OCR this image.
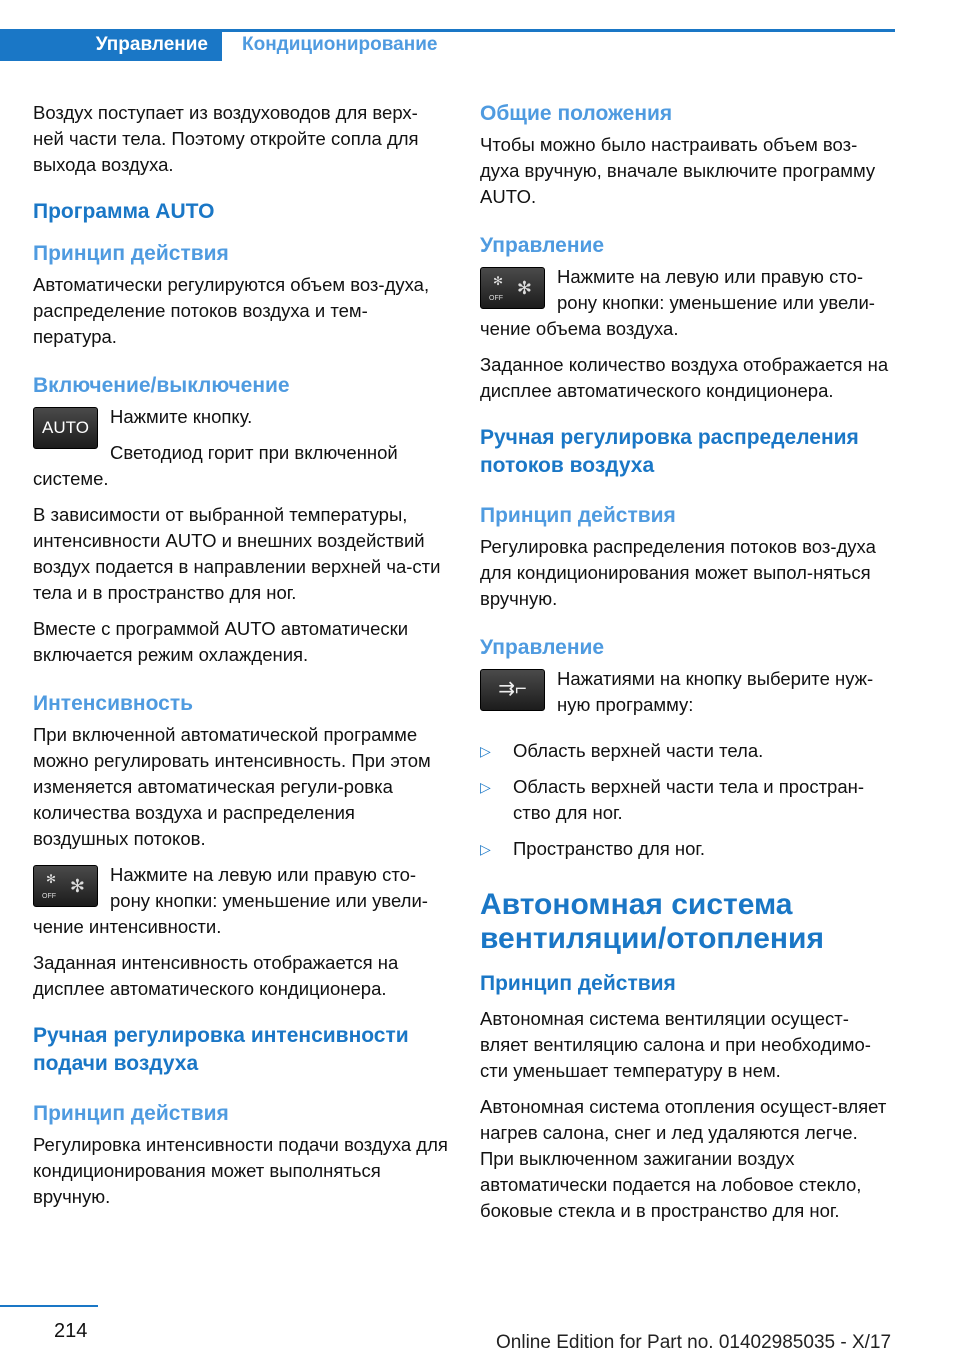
Управление	Кондиционирование

Воздух поступает из воздуховодов для верх-ней части тела. Поэтому откройте сопла для выхода воздуха.

Программа AUTO
Принцип действия

Автоматически регулируются объем воз-духа, распределение потоков воздуха и тем-пература.

Включение/выключение
AUTO

Нажмите кнопку.

Светодиод горит при включенной системе.

В зависимости от выбранной температуры, интенсивности AUTO и внешних воздействий воздух подается в направлении верхней ча-сти тела и в пространство для ног.

Вместе с программой AUTO автоматически включается режим охлаждения.

Интенсивность

При включенной автоматической программе можно регулировать интенсивность. При этом изменяется автоматическая регули-ровка количества воздуха и распределения воздушных потоков.

✻
OFF
✻

Нажмите на левую или правую сто-рону кнопки: уменьшение или увели-чение интенсивности.

Заданная интенсивность отображается на дисплее автоматического кондиционера.

Ручная регулировка интенсивности подачи воздуха
Принцип действия

Регулировка интенсивности подачи воздуха для кондиционирования может выполняться вручную.

Общие положения

Чтобы можно было настраивать объем воз-духа вручную, вначале выключите программу AUTO.

Управление
✻
OFF
✻

Нажмите на левую или правую сто-рону кнопки: уменьшение или увели-чение объема воздуха.

Заданное количество воздуха отображается на дисплее автоматического кондиционера.

Ручная регулировка распределения потоков воздуха
Принцип действия

Регулировка распределения потоков воз-духа для кондиционирования может выпол-няться вручную.

Управление
⇉⌐	Нажатиями на кнопку выберите нуж-ную программу:

▷ Область верхней части тела.
▷ Область верхней части тела и простран-ство для ног.
▷ Пространство для ног.
Автономная система вентиляции/отопления
Принцип действия

Автономная система вентиляции осущест-вляет вентиляцию салона и при необходимо-сти уменьшает температуру в нем.

Автономная система отопления осущест-вляет нагрев салона, снег и лед удаляются легче. При выключенном зажигании воздух автоматически подается на лобовое стекло, боковые стекла и в пространство для ног.

214
Online Edition for Part no. 01402985035 - X/17
